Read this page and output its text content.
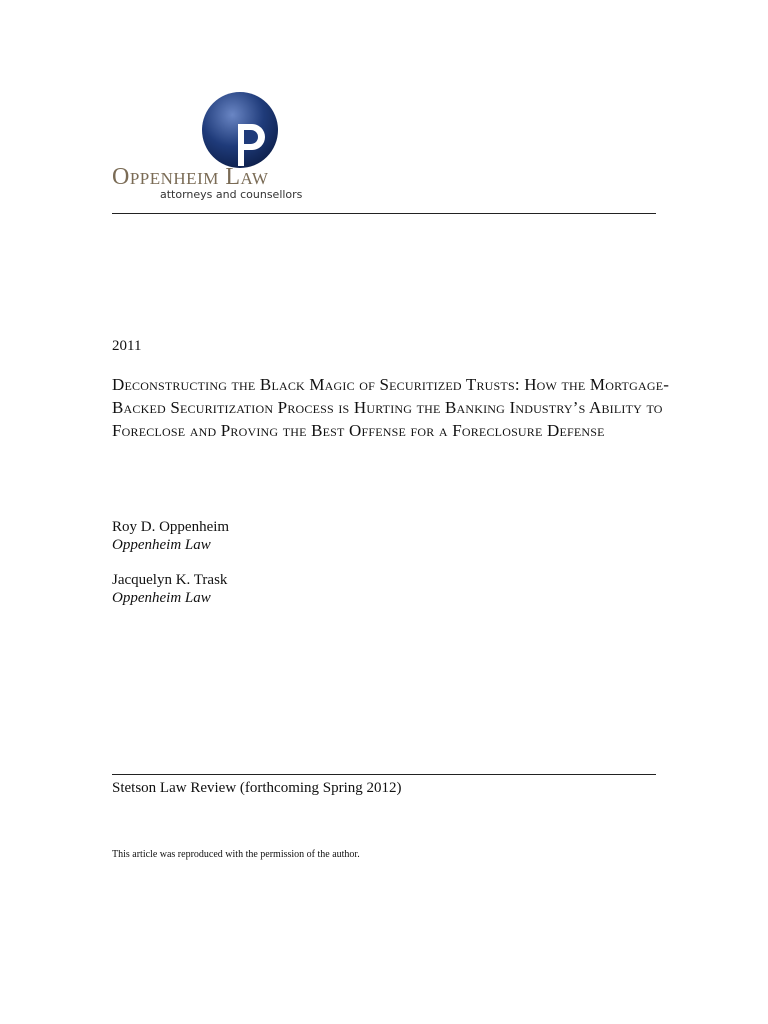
Oppenheim Law
attorneys and counsellors
2011
Deconstructing the Black Magic of Securitized Trusts: How the Mortgage-Backed Securitization Process is Hurting the Banking Industry’s Ability to Foreclose and Proving the Best Offense for a Foreclosure Defense
Roy D. Oppenheim
Oppenheim Law
Jacquelyn K. Trask
Oppenheim Law
Stetson Law Review (forthcoming Spring 2012)
This article was reproduced with the permission of the author.
